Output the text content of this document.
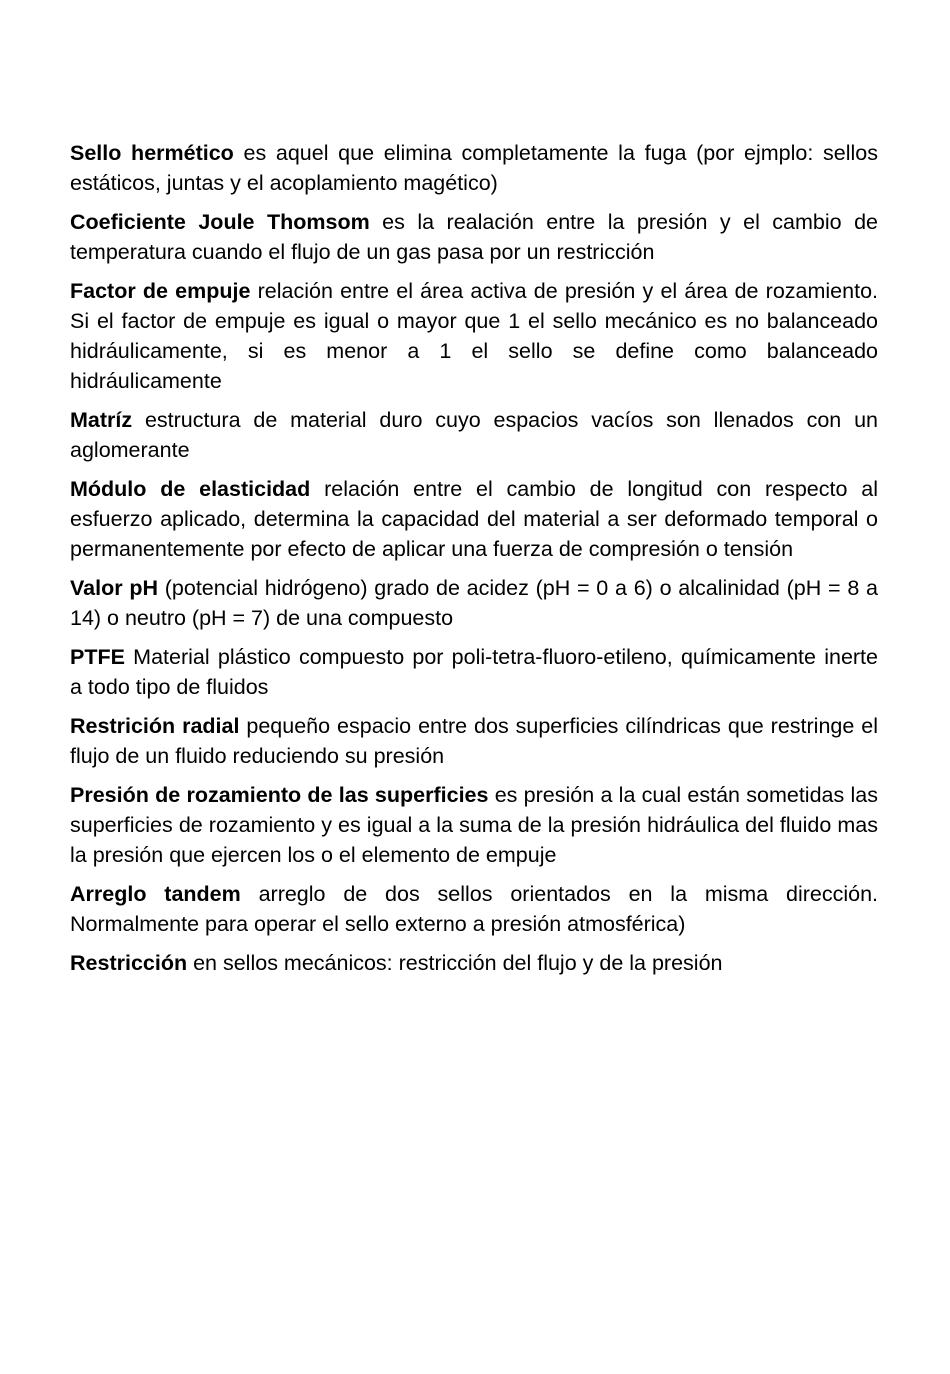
Sello hermético es aquel que elimina completamente la fuga (por ejmplo: sellos estáticos, juntas y el acoplamiento magético)

Coeficiente Joule Thomsom es la realación entre la presión y el cambio de temperatura cuando el flujo de un gas pasa por un restricción

Factor de empuje relación entre el área activa de presión y el área de rozamiento. Si el factor de empuje es igual o mayor que 1 el sello mecánico es no balanceado hidráulicamente, si es menor a 1 el sello se define como balanceado hidráulicamente

Matríz estructura de material duro cuyo espacios vacíos son llenados con un aglomerante

Módulo de elasticidad relación entre el cambio de longitud con respecto al esfuerzo aplicado, determina la capacidad del material a ser deformado temporal o permanentemente por efecto de aplicar una fuerza de compresión o tensión

Valor pH (potencial hidrógeno) grado de acidez (pH = 0 a 6) o alcalinidad (pH = 8 a 14) o neutro (pH = 7) de una compuesto

PTFE Material plástico compuesto por poli-tetra-fluoro-etileno, químicamente inerte a todo tipo de fluidos

Restrición radial pequeño espacio entre dos superficies cilíndricas que restringe el flujo de un fluido reduciendo su presión

Presión de rozamiento de las superficies es presión a la cual están sometidas las superficies de rozamiento y es igual a la suma de la presión hidráulica del fluido mas la presión que ejercen los o el elemento de empuje

Arreglo tandem arreglo de dos sellos orientados en la misma dirección. Normalmente para operar el sello externo a presión atmosférica)

Restricción en sellos mecánicos: restricción del flujo y de la presión
